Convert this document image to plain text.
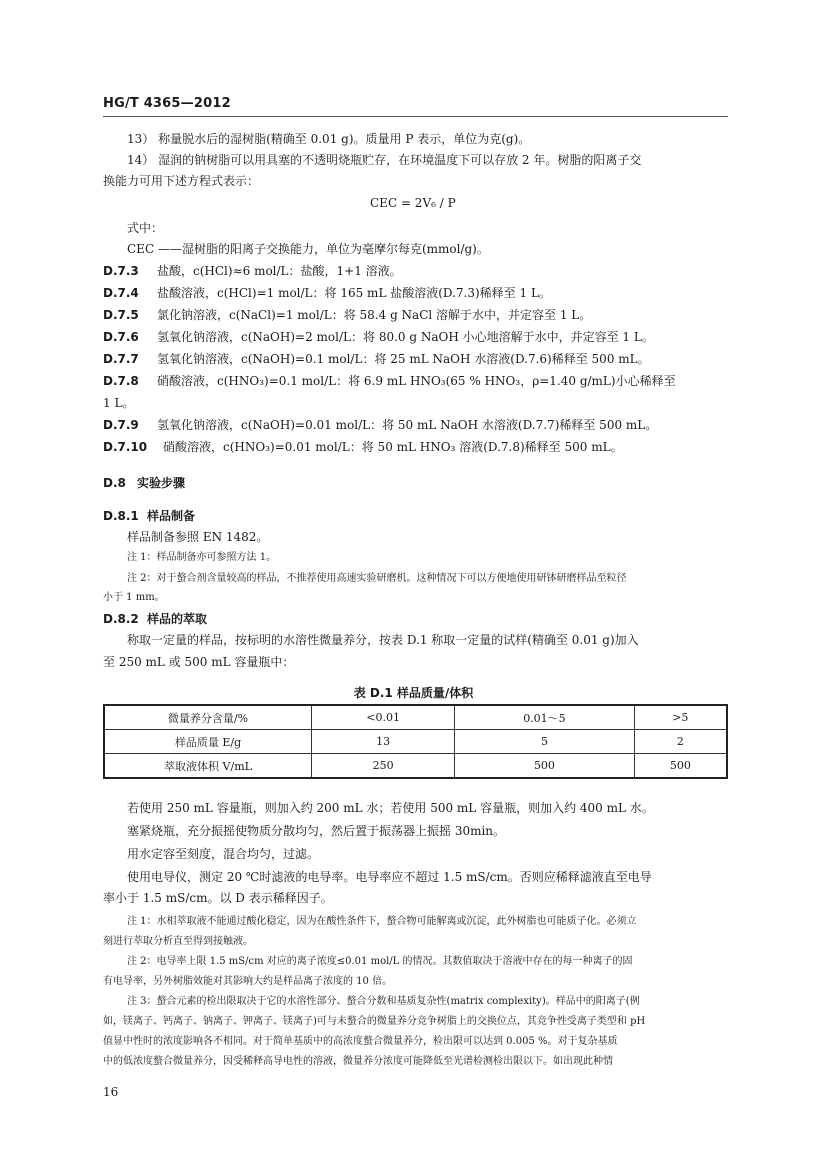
HG/T 4365—2012
13） 称量脱水后的湿树脂(精确至 0.01 g)。质量用 P 表示，单位为克(g)。
14） 湿润的钠树脂可以用具塞的不透明烧瓶贮存，在环境温度下可以存放 2 年。树脂的阳离子交
换能力可用下述方程式表示：
CEC = 2V₆ / P
式中：
CEC ——湿树脂的阳离子交换能力，单位为毫摩尔每克(mmol/g)。
D.7.3 盐酸，c(HCl)≈6 mol/L：盐酸，1+1 溶液。
D.7.4 盐酸溶液，c(HCl)=1 mol/L：将 165 mL 盐酸溶液(D.7.3)稀释至 1 L。
D.7.5 氯化钠溶液，c(NaCl)=1 mol/L：将 58.4 g NaCl 溶解于水中，并定容至 1 L。
D.7.6 氢氧化钠溶液，c(NaOH)=2 mol/L：将 80.0 g NaOH 小心地溶解于水中，并定容至 1 L。
D.7.7 氢氧化钠溶液，c(NaOH)=0.1 mol/L：将 25 mL NaOH 水溶液(D.7.6)稀释至 500 mL。
D.7.8 硝酸溶液，c(HNO₃)=0.1 mol/L：将 6.9 mL HNO₃(65 % HNO₃，ρ=1.40 g/mL)小心稀释至
1 L。
D.7.9 氢氧化钠溶液，c(NaOH)=0.01 mol/L：将 50 mL NaOH 水溶液(D.7.7)稀释至 500 mL。
D.7.10 硝酸溶液，c(HNO₃)=0.01 mol/L：将 50 mL HNO₃ 溶液(D.7.8)稀释至 500 mL。
D.8 实验步骤
D.8.1 样品制备
样品制备参照 EN 1482。
注 1：样品制备亦可参照方法 1。
注 2：对于螯合剂含量较高的样品，不推荐使用高速实验研磨机。这种情况下可以方便地使用研钵研磨样品至粒径
小于 1 mm。
D.8.2 样品的萃取
称取一定量的样品，按标明的水溶性微量养分，按表 D.1 称取一定量的试样(精确至 0.01 g)加入
至 250 mL 或 500 mL 容量瓶中：
表 D.1 样品质量/体积
微量养分含量/%	<0.01	0.01～5	>5
样品质量 E/g	13	5	2
萃取液体积 V/mL	250	500	500
若使用 250 mL 容量瓶，则加入约 200 mL 水；若使用 500 mL 容量瓶，则加入约 400 mL 水。
塞紧烧瓶，充分振摇使物质分散均匀，然后置于振荡器上振摇 30min。
用水定容至刻度，混合均匀，过滤。
使用电导仪，测定 20 ℃时滤液的电导率。电导率应不超过 1.5 mS/cm。否则应稀释滤液直至电导
率小于 1.5 mS/cm。以 D 表示稀释因子。
注 1：水相萃取液不能通过酸化稳定，因为在酸性条件下，螯合物可能解离或沉淀，此外树脂也可能质子化。必须立
刻进行萃取分析直至得到接触液。
注 2：电导率上限 1.5 mS/cm 对应的离子浓度≤0.01 mol/L 的情况。其数值取决于溶液中存在的每一种离子的固
有电导率，另外树脂效能对其影响大约是样品离子浓度的 10 倍。
注 3：螯合元素的检出限取决于它的水溶性部分、螯合分数和基质复杂性(matrix complexity)。样品中的阳离子(例
如，镁离子、钙离子、钠离子、钾离子、镁离子)可与未螯合的微量养分竞争树脂上的交换位点，其竞争性受离子类型和 pH
值显中性时的浓度影响各不相同。对于简单基质中的高浓度螯合微量养分，检出限可以达到 0.005 %。对于复杂基质
中的低浓度螯合微量养分，因受稀释高导电性的溶液，微量养分浓度可能降低至光谱检测检出限以下。如出现此种情
16
